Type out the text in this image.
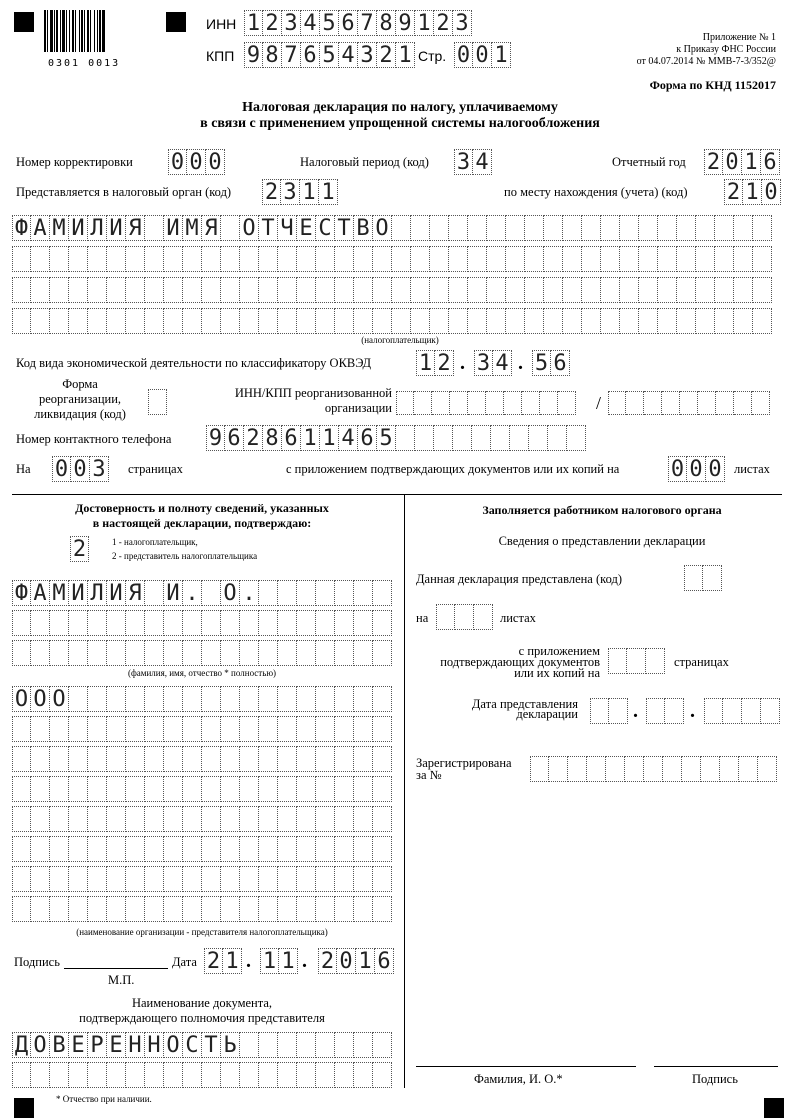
0301 0013
ИНН 1 2 3 4 5 6 7 8 9 1 2 3
КПП 9 8 7 6 5 4 3 2 1 Стр. 0 0 1
Приложение № 1
к Приказу ФНС России
от 04.07.2014 № ММВ-7-3/352@
Форма по КНД 1152017
Налоговая декларация по налогу, уплачиваемому
в связи с применением упрощенной системы налогообложения
Номер корректировки 0 0 0	Налоговый период (код) 3 4	Отчетный год 2 0 1 6
Представляется в налоговый орган (код) 2 3 1 1	по месту нахождения (учета) (код) 2 1 0
Ф А М И Л И Я И М Я О Т Ч Е С Т В О
(налогоплательщик)
Код вида экономической деятельности по классификатору ОКВЭД 1 2 . 3 4 . 5 6
Форма
реорганизации,
ликвидация (код)
ИНН/КПП реорганизованной
организации	/
Номер контактного телефона 9 6 2 8 6 1 1 4 6 5
На 0 0 3 страницах	с приложением подтверждающих документов или их копий на 0 0 0 листах
Достоверность и полноту сведений, указанных
в настоящей декларации, подтверждаю:
2	1 - налогоплательщик,
2 - представитель налогоплательщика
Ф А М И Л И Я И . О .
(фамилия, имя, отчество * полностью)
О О О
(наименование организации - представителя налогоплательщика)
Подпись	Дата 2 1 . 1 1 . 2 0 1 6
М.П.
Наименование документа,
подтверждающего полномочия представителя
Д О В Е Р Е Н Н О С Т Ь
* Отчество при наличии.
Заполняется работником налогового органа
Сведения о представлении декларации
Данная декларация представлена (код)
на	листах
с приложением
подтверждающих документов
или их копий на
страницах
Дата представления
декларации	.	.
Зарегистрирована
за №
Фамилия, И. О.*	Подпись
